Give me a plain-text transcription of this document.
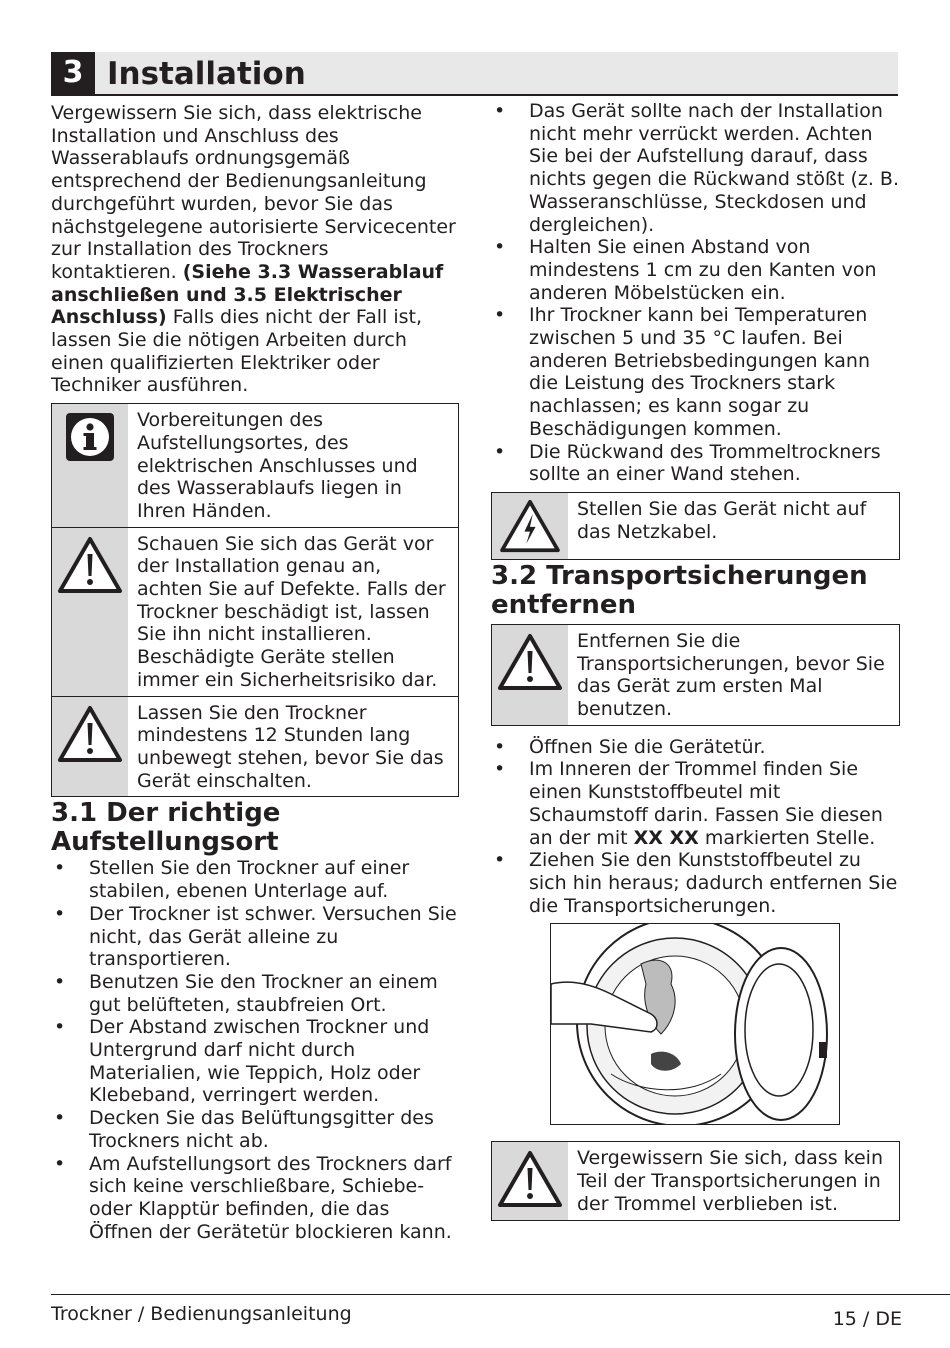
3 Installation

Vergewissern Sie sich, dass elektrische Installation und Anschluss des Wasserablaufs ordnungsgemäß entsprechend der Bedienungsanleitung durchgeführt wurden, bevor Sie das nächstgelegene autorisierte Servicecenter zur Installation des Trockners kontaktieren. (Siehe 3.3 Wasserablauf anschließen und 3.5 Elektrischer Anschluss) Falls dies nicht der Fall ist, lassen Sie die nötigen Arbeiten durch einen qualifizierten Elektriker oder Techniker ausführen.

Vorbereitungen des Aufstellungsortes, des elektrischen Anschlusses und des Wasserablaufs liegen in Ihren Händen.
Schauen Sie sich das Gerät vor der Installation genau an, achten Sie auf Defekte. Falls der Trockner beschädigt ist, lassen Sie ihn nicht installieren. Beschädigte Geräte stellen immer ein Sicherheitsrisiko dar.
Lassen Sie den Trockner mindestens 12 Stunden lang unbewegt stehen, bevor Sie das Gerät einschalten.
3.1 Der richtige Aufstellungsort
• Stellen Sie den Trockner auf einer stabilen, ebenen Unterlage auf.
• Der Trockner ist schwer. Versuchen Sie nicht, das Gerät alleine zu transportieren.
• Benutzen Sie den Trockner an einem gut belüfteten, staubfreien Ort.
• Der Abstand zwischen Trockner und Untergrund darf nicht durch Materialien, wie Teppich, Holz oder Klebeband, verringert werden.
• Decken Sie das Belüftungsgitter des Trockners nicht ab.
• Am Aufstellungsort des Trockners darf sich keine verschließbare, Schiebe- oder Klapptür befinden, die das Öffnen der Gerätetür blockieren kann.
• Das Gerät sollte nach der Installation nicht mehr verrückt werden. Achten Sie bei der Aufstellung darauf, dass nichts gegen die Rückwand stößt (z. B. Wasseranschlüsse, Steckdosen und dergleichen).
• Halten Sie einen Abstand von mindestens 1 cm zu den Kanten von anderen Möbelstücken ein.
• Ihr Trockner kann bei Temperaturen zwischen 5 und 35 °C laufen. Bei anderen Betriebsbedingungen kann die Leistung des Trockners stark nachlassen; es kann sogar zu Beschädigungen kommen.
• Die Rückwand des Trommeltrockners sollte an einer Wand stehen.
Stellen Sie das Gerät nicht auf das Netzkabel.
3.2 Transportsicherungen entfernen
Entfernen Sie die Transportsicherungen, bevor Sie das Gerät zum ersten Mal benutzen.
• Öffnen Sie die Gerätetür.
• Im Inneren der Trommel finden Sie einen Kunststoffbeutel mit Schaumstoff darin. Fassen Sie diesen an der mit XX XX markierten Stelle.
• Ziehen Sie den Kunststoffbeutel zu sich hin heraus; dadurch entfernen Sie die Transportsicherungen.
Vergewissern Sie sich, dass kein Teil der Transportsicherungen in der Trommel verblieben ist.
Trockner / Bedienungsanleitung	15 / DE
